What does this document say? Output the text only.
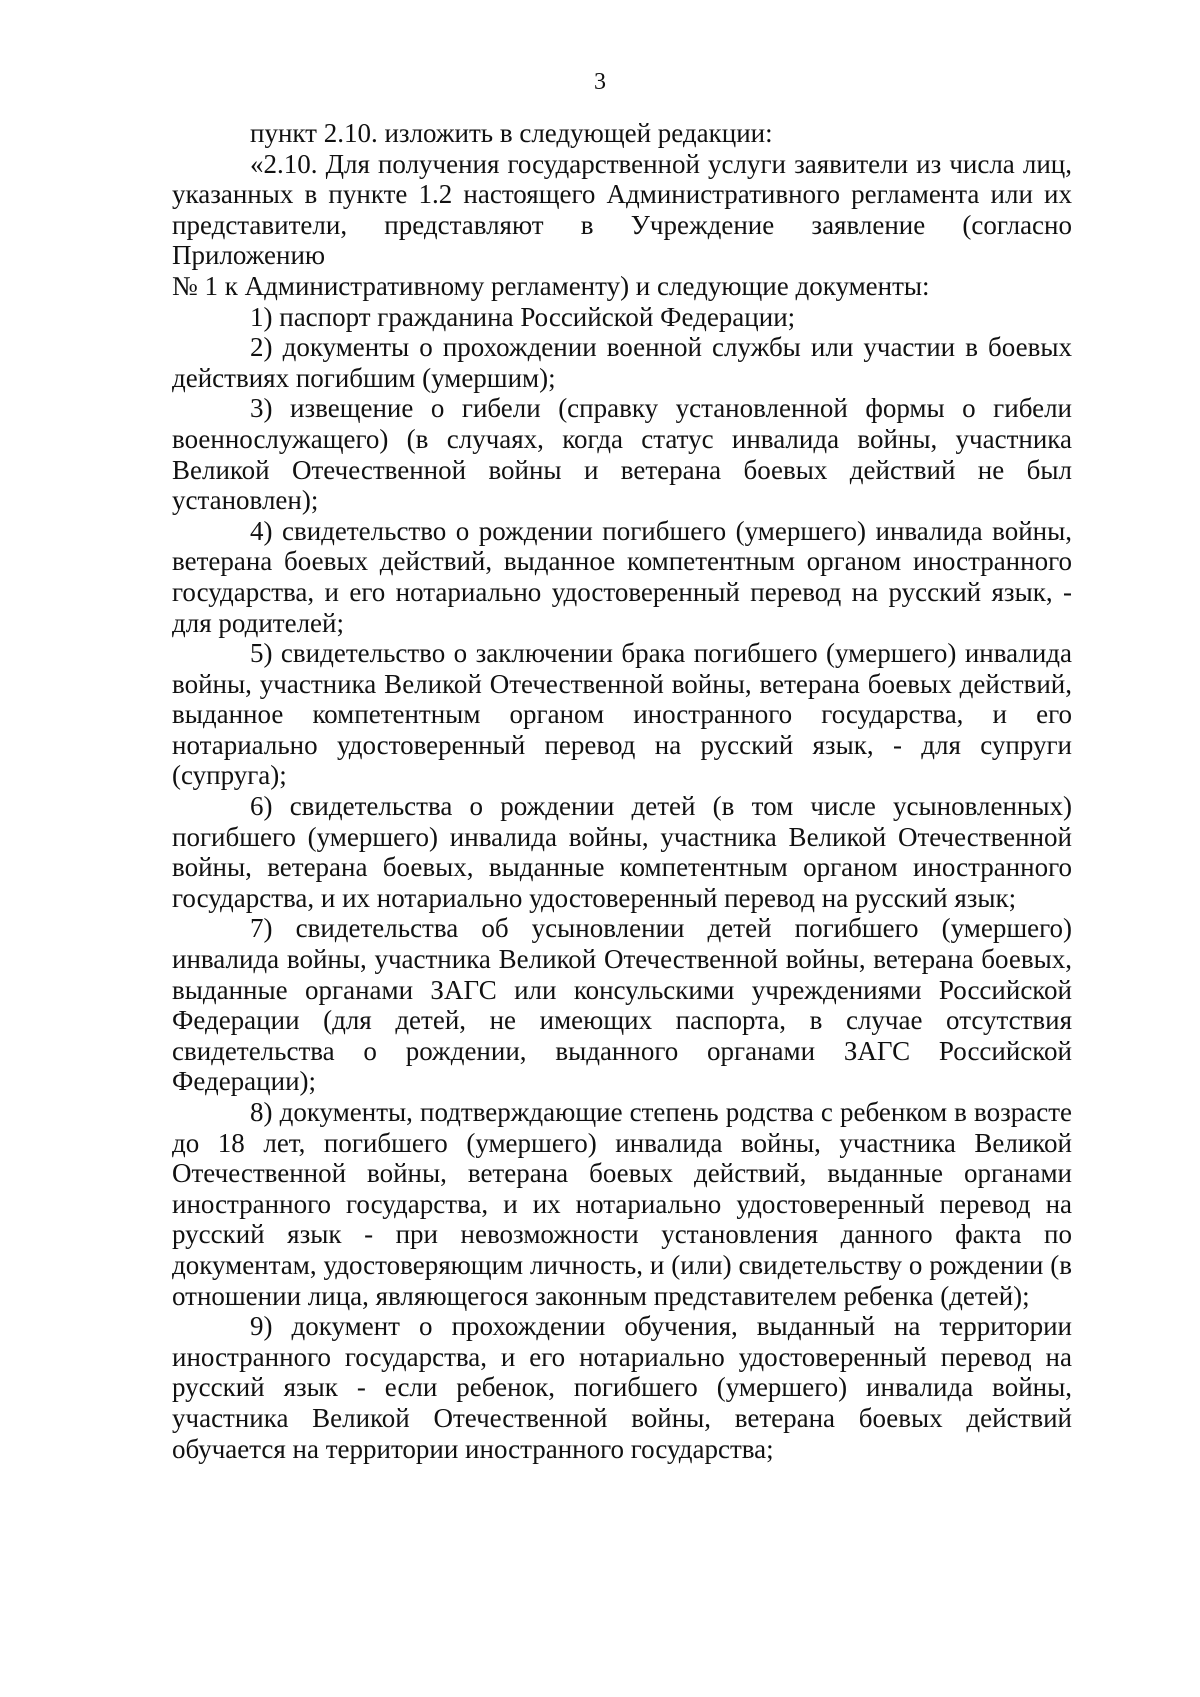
3

пункт 2.10. изложить в следующей редакции:

«2.10. Для получения государственной услуги заявители из числа лиц, указанных в пункте 1.2 настоящего Административного регламента или их представители, представляют в Учреждение заявление (согласно Приложению

№ 1 к Административному регламенту) и следующие документы:

1) паспорт гражданина Российской Федерации;

2) документы о прохождении военной службы или участии в боевых действиях погибшим (умершим);

3) извещение о гибели (справку установленной формы о гибели военнослужащего) (в случаях, когда статус инвалида войны, участника Великой Отечественной войны и ветерана боевых действий не был установлен);

4) свидетельство о рождении погибшего (умершего) инвалида войны, ветерана боевых действий, выданное компетентным органом иностранного государства, и его нотариально удостоверенный перевод на русский язык, - для родителей;

5) свидетельство о заключении брака погибшего (умершего) инвалида войны, участника Великой Отечественной войны, ветерана боевых действий, выданное компетентным органом иностранного государства, и его нотариально удостоверенный перевод на русский язык, - для супруги (супруга);

6) свидетельства о рождении детей (в том числе усыновленных) погибшего (умершего) инвалида войны, участника Великой Отечественной войны, ветерана боевых, выданные компетентным органом иностранного государства, и их нотариально удостоверенный перевод на русский язык;

7) свидетельства об усыновлении детей погибшего (умершего) инвалида войны, участника Великой Отечественной войны, ветерана боевых, выданные органами ЗАГС или консульскими учреждениями Российской Федерации (для детей, не имеющих паспорта, в случае отсутствия свидетельства о рождении, выданного органами ЗАГС Российской Федерации);

8) документы, подтверждающие степень родства с ребенком в возрасте до 18 лет, погибшего (умершего) инвалида войны, участника Великой Отечественной войны, ветерана боевых действий, выданные органами иностранного государства, и их нотариально удостоверенный перевод на русский язык - при невозможности установления данного факта по документам, удостоверяющим личность, и (или) свидетельству о рождении (в отношении лица, являющегося законным представителем ребенка (детей);

9) документ о прохождении обучения, выданный на территории иностранного государства, и его нотариально удостоверенный перевод на русский язык - если ребенок, погибшего (умершего) инвалида войны, участника Великой Отечественной войны, ветерана боевых действий обучается на территории иностранного государства;
